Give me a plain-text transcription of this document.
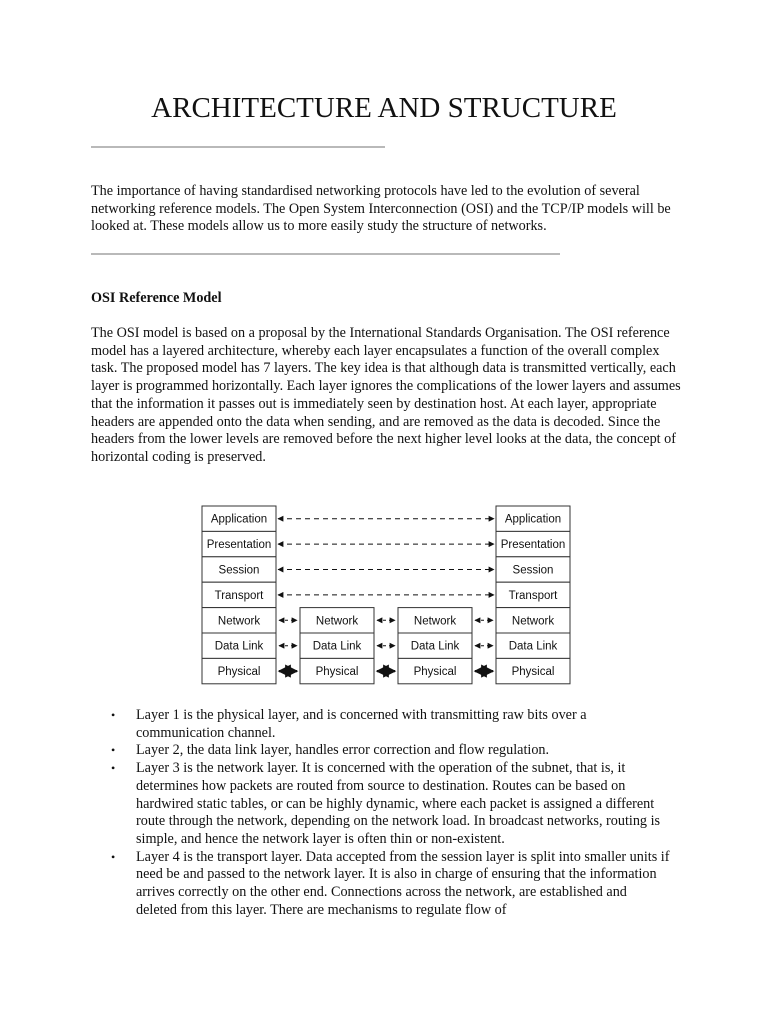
ARCHITECTURE AND STRUCTURE

The importance of having standardised networking protocols have led to the evolution of several networking reference models. The Open System Interconnection (OSI) and the TCP/IP models will be looked at. These models allow us to more easily study the structure of networks.

OSI Reference Model

The OSI model is based on a proposal by the International Standards Organisation. The OSI reference model has a layered architecture, whereby each layer encapsulates a function of the overall complex task. The proposed model has 7 layers. The key idea is that although data is transmitted vertically, each layer is programmed horizontally. Each layer ignores the complications of the lower layers and assumes that the information it passes out is immediately seen by destination host. At each layer, appropriate headers are appended onto the data when sending, and are removed as the data is decoded. Since the headers from the lower levels are removed before the next higher level looks at the data, the concept of horizontal coding is preserved.

Application
Presentation
Session
Transport
Network
Data Link
Physical
Network
Data Link
Physical
Network
Data Link
Physical
Application
Presentation
Session
Transport
Network
Data Link
Physical
• Layer 1 is the physical layer, and is concerned with transmitting raw bits over a communication channel.
• Layer 2, the data link layer, handles error correction and flow regulation.
• Layer 3 is the network layer. It is concerned with the operation of the subnet, that is, it determines how packets are routed from source to destination. Routes can be based on hardwired static tables, or can be highly dynamic, where each packet is assigned a different route through the network, depending on the network load. In broadcast networks, routing is simple, and hence the network layer is often thin or non-existent.
• Layer 4 is the transport layer. Data accepted from the session layer is split into smaller units if need be and passed to the network layer. It is also in charge of ensuring that the information arrives correctly on the other end. Connections across the network, are established and deleted from this layer. There are mechanisms to regulate flow of
